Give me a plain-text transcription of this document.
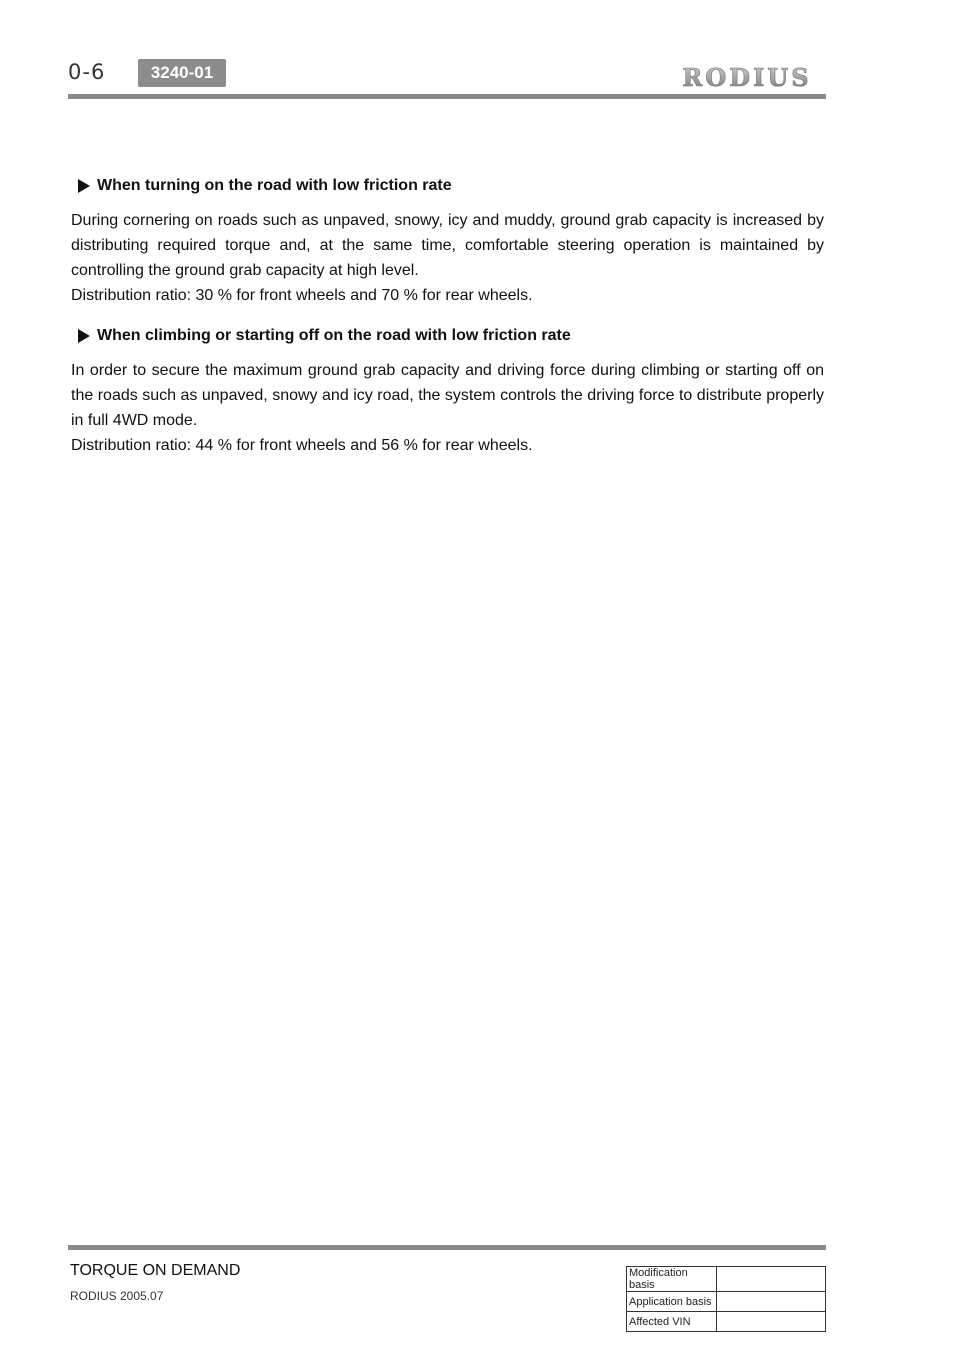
0-6	3240-01	RODIUS
When turning on the road with low friction rate

During cornering on roads such as unpaved, snowy, icy and muddy, ground grab capacity is increased by distributing required torque and, at the same time, comfortable steering operation is maintained by controlling the ground grab capacity at high level.

Distribution ratio: 30 % for front wheels and 70 % for rear wheels.

When climbing or starting off on the road with low friction rate

In order to secure the maximum ground grab capacity and driving force during climbing or starting off on the roads such as unpaved, snowy and icy road, the system controls the driving force to distribute properly in full 4WD mode.

Distribution ratio: 44 % for front wheels and 56 % for rear wheels.

TORQUE ON DEMAND
RODIUS 2005.07
Modification basis	
Application basis	
Affected VIN	
